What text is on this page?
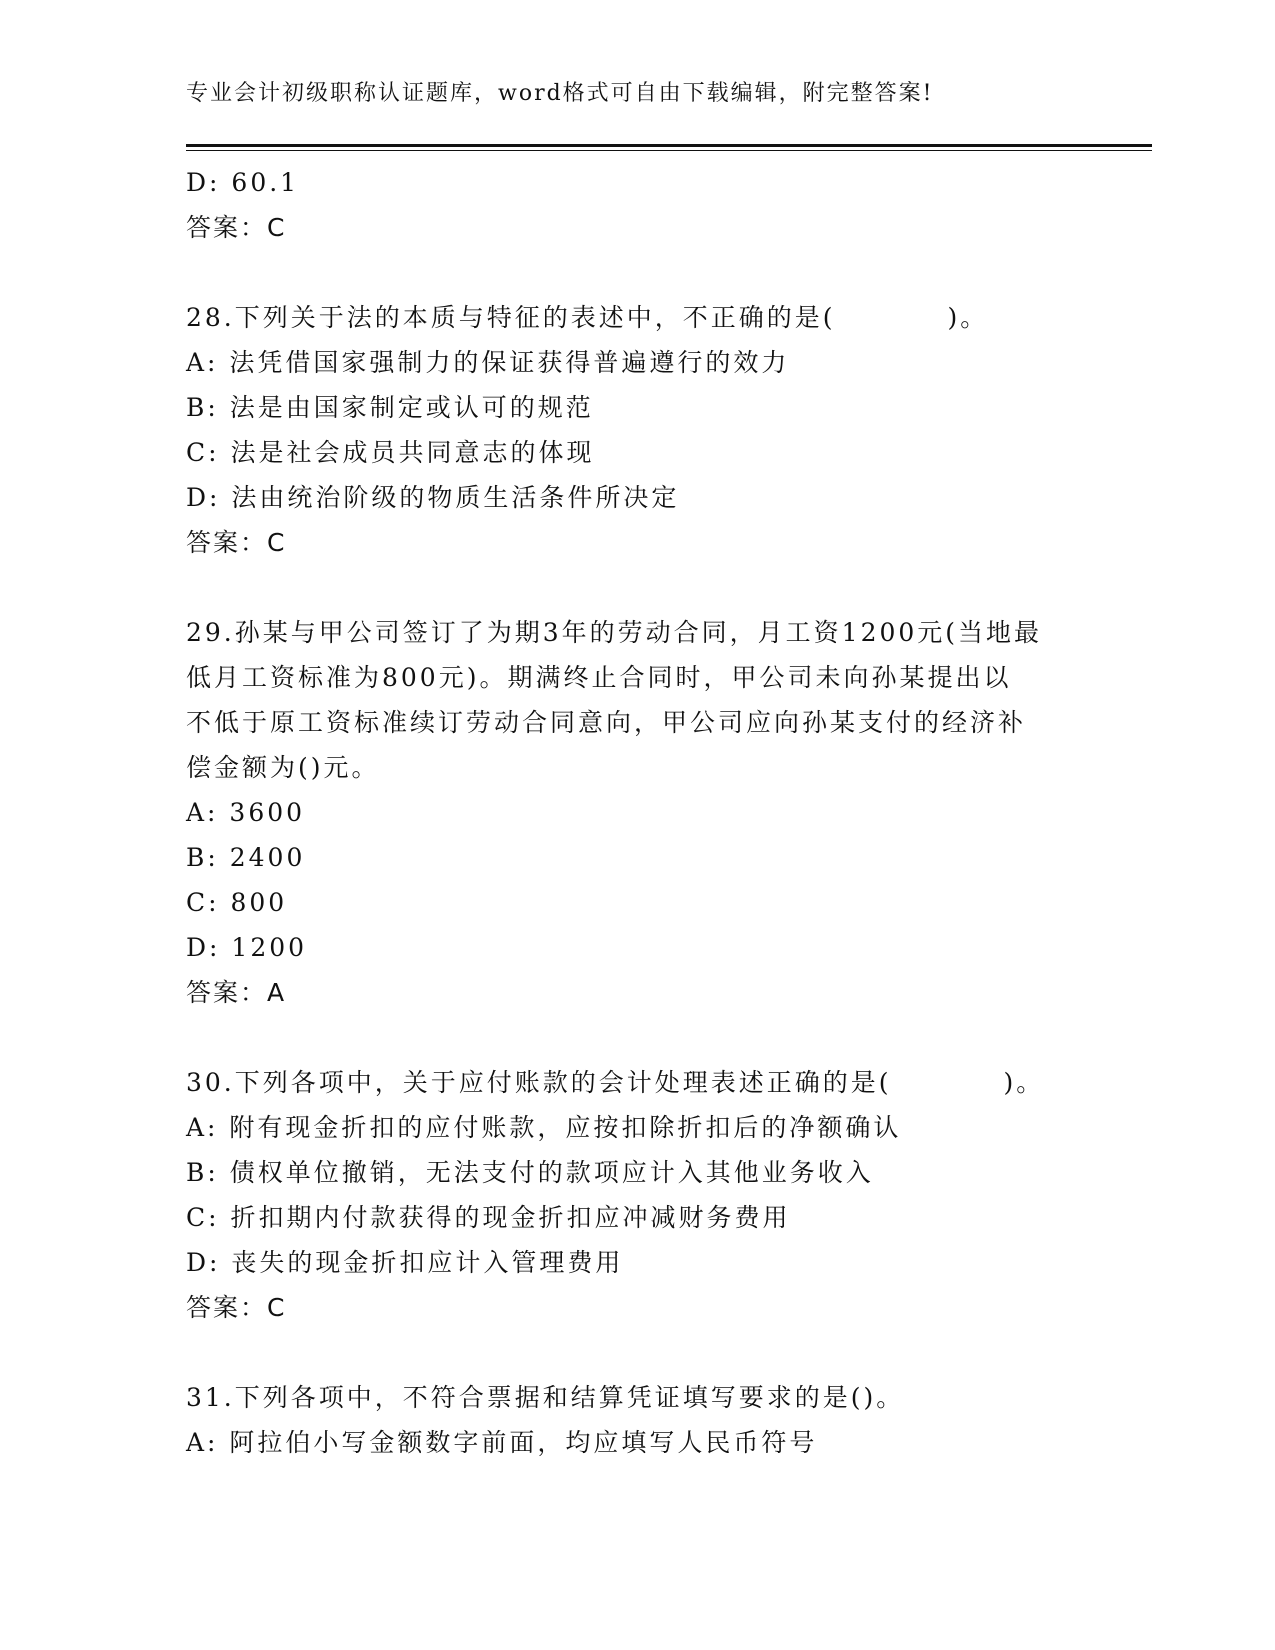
专业会计初级职称认证题库，word格式可自由下载编辑，附完整答案!
D: 60.1
答案：C
28.下列关于法的本质与特征的表述中，不正确的是(　　　　)。
A: 法凭借国家强制力的保证获得普遍遵行的效力
B: 法是由国家制定或认可的规范
C: 法是社会成员共同意志的体现
D: 法由统治阶级的物质生活条件所决定
答案：C
29.孙某与甲公司签订了为期3年的劳动合同，月工资1200元(当地最
低月工资标准为800元)。期满终止合同时，甲公司未向孙某提出以
不低于原工资标准续订劳动合同意向，甲公司应向孙某支付的经济补
偿金额为()元。
A: 3600
B: 2400
C: 800
D: 1200
答案：A
30.下列各项中，关于应付账款的会计处理表述正确的是(　　　　)。
A: 附有现金折扣的应付账款，应按扣除折扣后的净额确认
B: 债权单位撤销，无法支付的款项应计入其他业务收入
C: 折扣期内付款获得的现金折扣应冲减财务费用
D: 丧失的现金折扣应计入管理费用
答案：C
31.下列各项中，不符合票据和结算凭证填写要求的是()。
A: 阿拉伯小写金额数字前面，均应填写人民币符号
